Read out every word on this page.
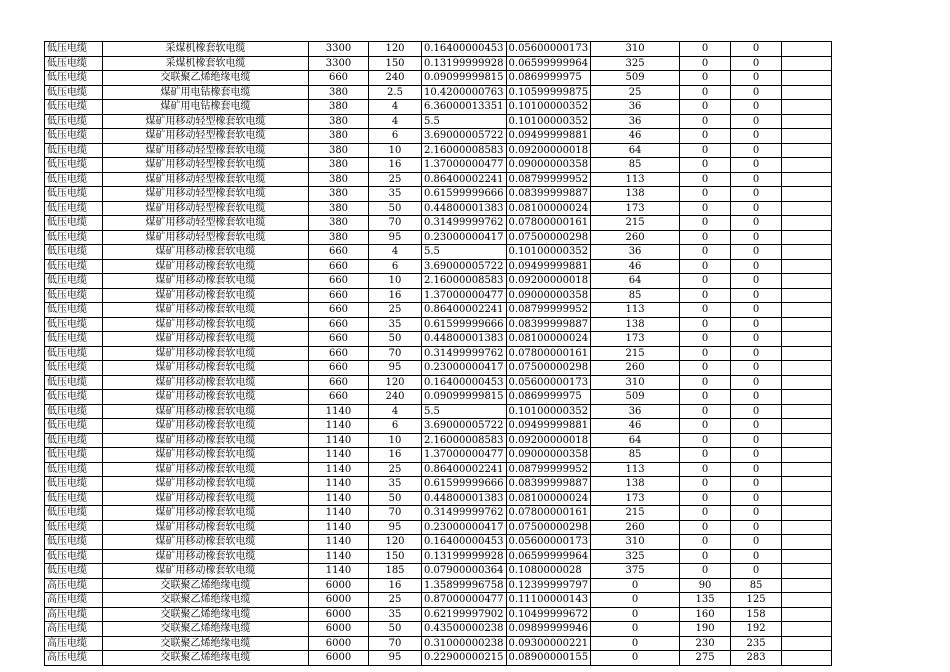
低压电缆	采煤机橡套软电缆	3300	120	0.16400000453	0.05600000173	310	0	0	
低压电缆	采煤机橡套软电缆	3300	150	0.13199999928	0.06599999964	325	0	0	
低压电缆	交联聚乙烯绝缘电缆	660	240	0.09099999815	0.0869999975	509	0	0	
低压电缆	煤矿用电钻橡套电缆	380	2.5	10.4200000763	0.10599999875	25	0	0	
低压电缆	煤矿用电钻橡套电缆	380	4	6.36000013351	0.10100000352	36	0	0	
低压电缆	煤矿用移动轻型橡套软电缆	380	4	5.5	0.10100000352	36	0	0	
低压电缆	煤矿用移动轻型橡套软电缆	380	6	3.69000005722	0.09499999881	46	0	0	
低压电缆	煤矿用移动轻型橡套软电缆	380	10	2.16000008583	0.09200000018	64	0	0	
低压电缆	煤矿用移动轻型橡套软电缆	380	16	1.37000000477	0.09000000358	85	0	0	
低压电缆	煤矿用移动轻型橡套软电缆	380	25	0.86400002241	0.08799999952	113	0	0	
低压电缆	煤矿用移动轻型橡套软电缆	380	35	0.61599999666	0.08399999887	138	0	0	
低压电缆	煤矿用移动轻型橡套软电缆	380	50	0.44800001383	0.08100000024	173	0	0	
低压电缆	煤矿用移动轻型橡套软电缆	380	70	0.31499999762	0.07800000161	215	0	0	
低压电缆	煤矿用移动轻型橡套软电缆	380	95	0.23000000417	0.07500000298	260	0	0	
低压电缆	煤矿用移动橡套软电缆	660	4	5.5	0.10100000352	36	0	0	
低压电缆	煤矿用移动橡套软电缆	660	6	3.69000005722	0.09499999881	46	0	0	
低压电缆	煤矿用移动橡套软电缆	660	10	2.16000008583	0.09200000018	64	0	0	
低压电缆	煤矿用移动橡套软电缆	660	16	1.37000000477	0.09000000358	85	0	0	
低压电缆	煤矿用移动橡套软电缆	660	25	0.86400002241	0.08799999952	113	0	0	
低压电缆	煤矿用移动橡套软电缆	660	35	0.61599999666	0.08399999887	138	0	0	
低压电缆	煤矿用移动橡套软电缆	660	50	0.44800001383	0.08100000024	173	0	0	
低压电缆	煤矿用移动橡套软电缆	660	70	0.31499999762	0.07800000161	215	0	0	
低压电缆	煤矿用移动橡套软电缆	660	95	0.23000000417	0.07500000298	260	0	0	
低压电缆	煤矿用移动橡套软电缆	660	120	0.16400000453	0.05600000173	310	0	0	
低压电缆	煤矿用移动橡套软电缆	660	240	0.09099999815	0.0869999975	509	0	0	
低压电缆	煤矿用移动橡套软电缆	1140	4	5.5	0.10100000352	36	0	0	
低压电缆	煤矿用移动橡套软电缆	1140	6	3.69000005722	0.09499999881	46	0	0	
低压电缆	煤矿用移动橡套软电缆	1140	10	2.16000008583	0.09200000018	64	0	0	
低压电缆	煤矿用移动橡套软电缆	1140	16	1.37000000477	0.09000000358	85	0	0	
低压电缆	煤矿用移动橡套软电缆	1140	25	0.86400002241	0.08799999952	113	0	0	
低压电缆	煤矿用移动橡套软电缆	1140	35	0.61599999666	0.08399999887	138	0	0	
低压电缆	煤矿用移动橡套软电缆	1140	50	0.44800001383	0.08100000024	173	0	0	
低压电缆	煤矿用移动橡套软电缆	1140	70	0.31499999762	0.07800000161	215	0	0	
低压电缆	煤矿用移动橡套软电缆	1140	95	0.23000000417	0.07500000298	260	0	0	
低压电缆	煤矿用移动橡套软电缆	1140	120	0.16400000453	0.05600000173	310	0	0	
低压电缆	煤矿用移动橡套软电缆	1140	150	0.13199999928	0.06599999964	325	0	0	
低压电缆	煤矿用移动橡套软电缆	1140	185	0.07900000364	0.1080000028	375	0	0	
高压电缆	交联聚乙烯绝缘电缆	6000	16	1.35899996758	0.12399999797	0	90	85	
高压电缆	交联聚乙烯绝缘电缆	6000	25	0.87000000477	0.11100000143	0	135	125	
高压电缆	交联聚乙烯绝缘电缆	6000	35	0.62199997902	0.10499999672	0	160	158	
高压电缆	交联聚乙烯绝缘电缆	6000	50	0.43500000238	0.09899999946	0	190	192	
高压电缆	交联聚乙烯绝缘电缆	6000	70	0.31000000238	0.09300000221	0	230	235	
高压电缆	交联聚乙烯绝缘电缆	6000	95	0.22900000215	0.08900000155	0	275	283	
